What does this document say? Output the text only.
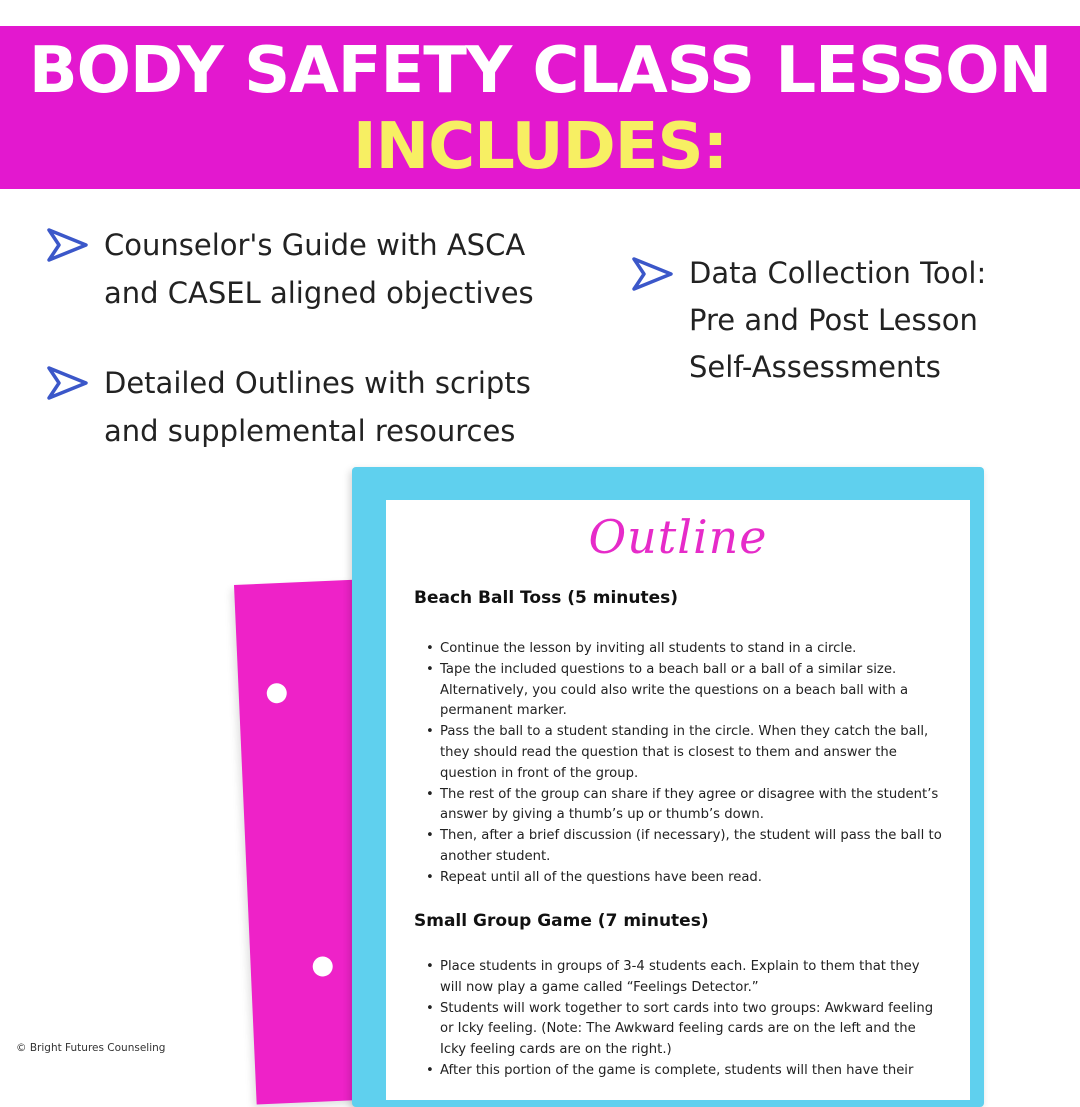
BODY SAFETY CLASS LESSON
INCLUDES:
Counselor's Guide with ASCA
and CASEL aligned objectives
Detailed Outlines with scripts
and supplemental resources
Data Collection Tool:
Pre and Post Lesson
Self-Assessments
Outline
Beach Ball Toss (5 minutes)
• Continue the lesson by inviting all students to stand in a circle.
• Tape the included questions to a beach ball or a ball of a similar size.
Alternatively, you could also write the questions on a beach ball with a
permanent marker.
• Pass the ball to a student standing in the circle. When they catch the ball,
they should read the question that is closest to them and answer the
question in front of the group.
• The rest of the group can share if they agree or disagree with the student’s
answer by giving a thumb’s up or thumb’s down.
• Then, after a brief discussion (if necessary), the student will pass the ball to
another student.
• Repeat until all of the questions have been read.
Small Group Game (7 minutes)
• Place students in groups of 3-4 students each. Explain to them that they
will now play a game called “Feelings Detector.”
• Students will work together to sort cards into two groups: Awkward feeling
or Icky feeling. (Note: The Awkward feeling cards are on the left and the
Icky feeling cards are on the right.)
• After this portion of the game is complete, students will then have their
© Bright Futures Counseling
